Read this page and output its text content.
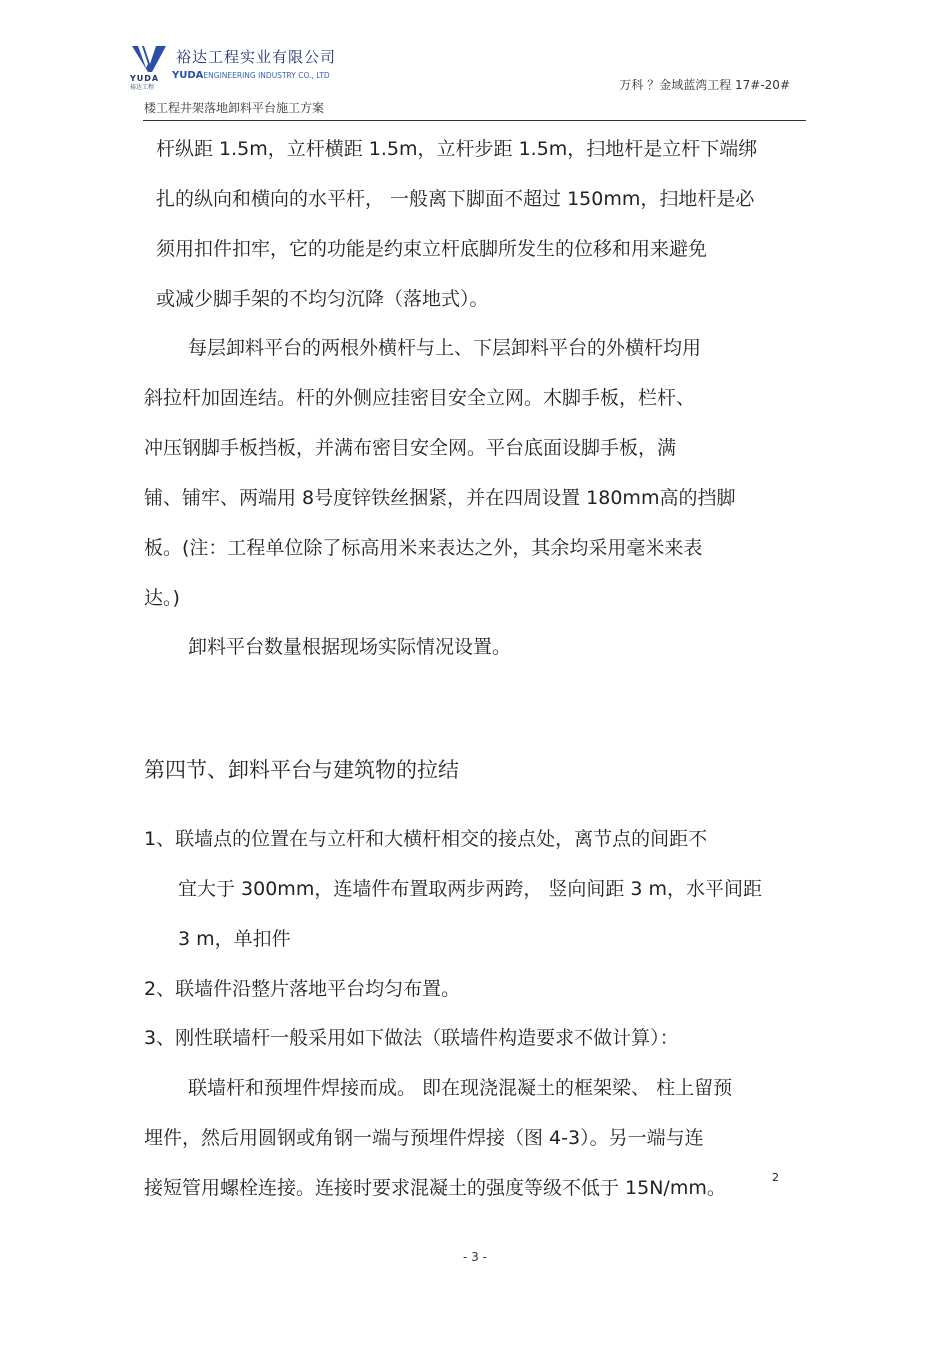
裕达工程实业有限公司
YUDA YUDAENGINEERING INDUSTRY CO., LTD
裕达工程	万科 ？金域蓝湾工程 17#-20#
楼工程井架落地卸料平台施工方案
杆纵距 1.5m，立杆横距 1.5m，立杆步距 1.5m，扫地杆是立杆下端绑
扎的纵向和横向的水平杆， 一般离下脚面不超过 150mm，扫地杆是必
须用扣件扣牢，它的功能是约束立杆底脚所发生的位移和用来避免
或减少脚手架的不均匀沉降（落地式）。
每层卸料平台的两根外横杆与上、下层卸料平台的外横杆均用
斜拉杆加固连结。杆的外侧应挂密目安全立网。木脚手板，栏杆、
冲压钢脚手板挡板，并满布密目安全网。平台底面设脚手板，满
铺、铺牢、两端用 8号度锌铁丝捆紧，并在四周设置 180mm高的挡脚
板。(注：工程单位除了标高用米来表达之外，其余均采用毫米来表
达。)
卸料平台数量根据现场实际情况设置。
第四节、卸料平台与建筑物的拉结
1、联墙点的位置在与立杆和大横杆相交的接点处，离节点的间距不
宜大于 300mm，连墙件布置取两步两跨， 竖向间距 3 m，水平间距
3 m，单扣件
2、联墙件沿整片落地平台均匀布置。
3、刚性联墙杆一般采用如下做法（联墙件构造要求不做计算）：
联墙杆和预埋件焊接而成。 即在现浇混凝土的框架梁、 柱上留预
埋件，然后用圆钢或角钢一端与预埋件焊接（图 4-3）。另一端与连
接短管用螺栓连接。连接时要求混凝土的强度等级不低于 15N/mm。	2
- 3 -
